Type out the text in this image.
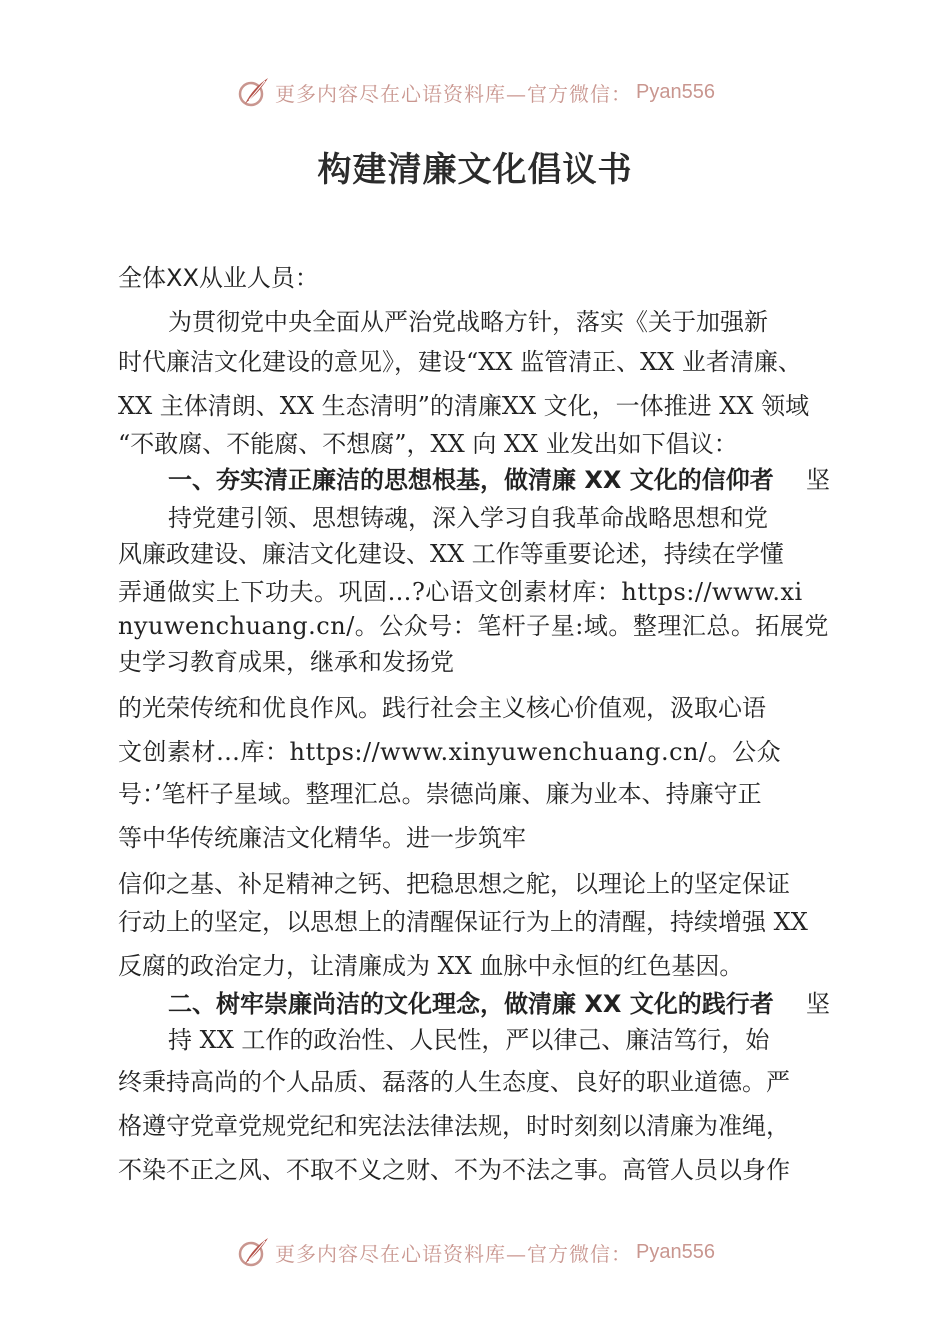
更多内容尽在心语资料库—官方微信： Pyan556
构建清廉文化倡议书
全体XX从业人员：
为贯彻党中央全面从严治党战略方针，落实《关于加强新
时代廉洁文化建设的意见》，建设“XX 监管清正、XX 业者清廉、
XX 主体清朗、XX 生态清明”的清廉XX 文化，一体推进 XX 领域
“不敢腐、不能腐、不想腐”，XX 向 XX 业发出如下倡议：
一、夯实清正廉洁的思想根基，做清廉 XX 文化的信仰者 坚
持党建引领、思想铸魂，深入学习自我革命战略思想和党
风廉政建设、廉洁文化建设、XX 工作等重要论述，持续在学懂
弄通做实上下功夫。巩固…?心语文创素材库：https://www.xi
nyuwenchuang.cn/。公众号：笔杆子星:域。整理汇总。拓展党
史学习教育成果，继承和发扬党
的光荣传统和优良作风。践行社会主义核心价值观，汲取心语
文创素材…库：https://www.xinyuwenchuang.cn/。公众
号：’笔杆子星域。整理汇总。崇德尚廉、廉为业本、持廉守正
等中华传统廉洁文化精华。进一步筑牢
信仰之基、补足精神之钙、把稳思想之舵，以理论上的坚定保证
行动上的坚定，以思想上的清醒保证行为上的清醒，持续增强 XX
反腐的政治定力，让清廉成为 XX 血脉中永恒的红色基因。
二、树牢崇廉尚洁的文化理念，做清廉 XX 文化的践行者 坚
持 XX 工作的政治性、人民性，严以律己、廉洁笃行，始
终秉持高尚的个人品质、磊落的人生态度、良好的职业道德。严
格遵守党章党规党纪和宪法法律法规，时时刻刻以清廉为准绳，
不染不正之风、不取不义之财、不为不法之事。高管人员以身作
更多内容尽在心语资料库—官方微信： Pyan556
